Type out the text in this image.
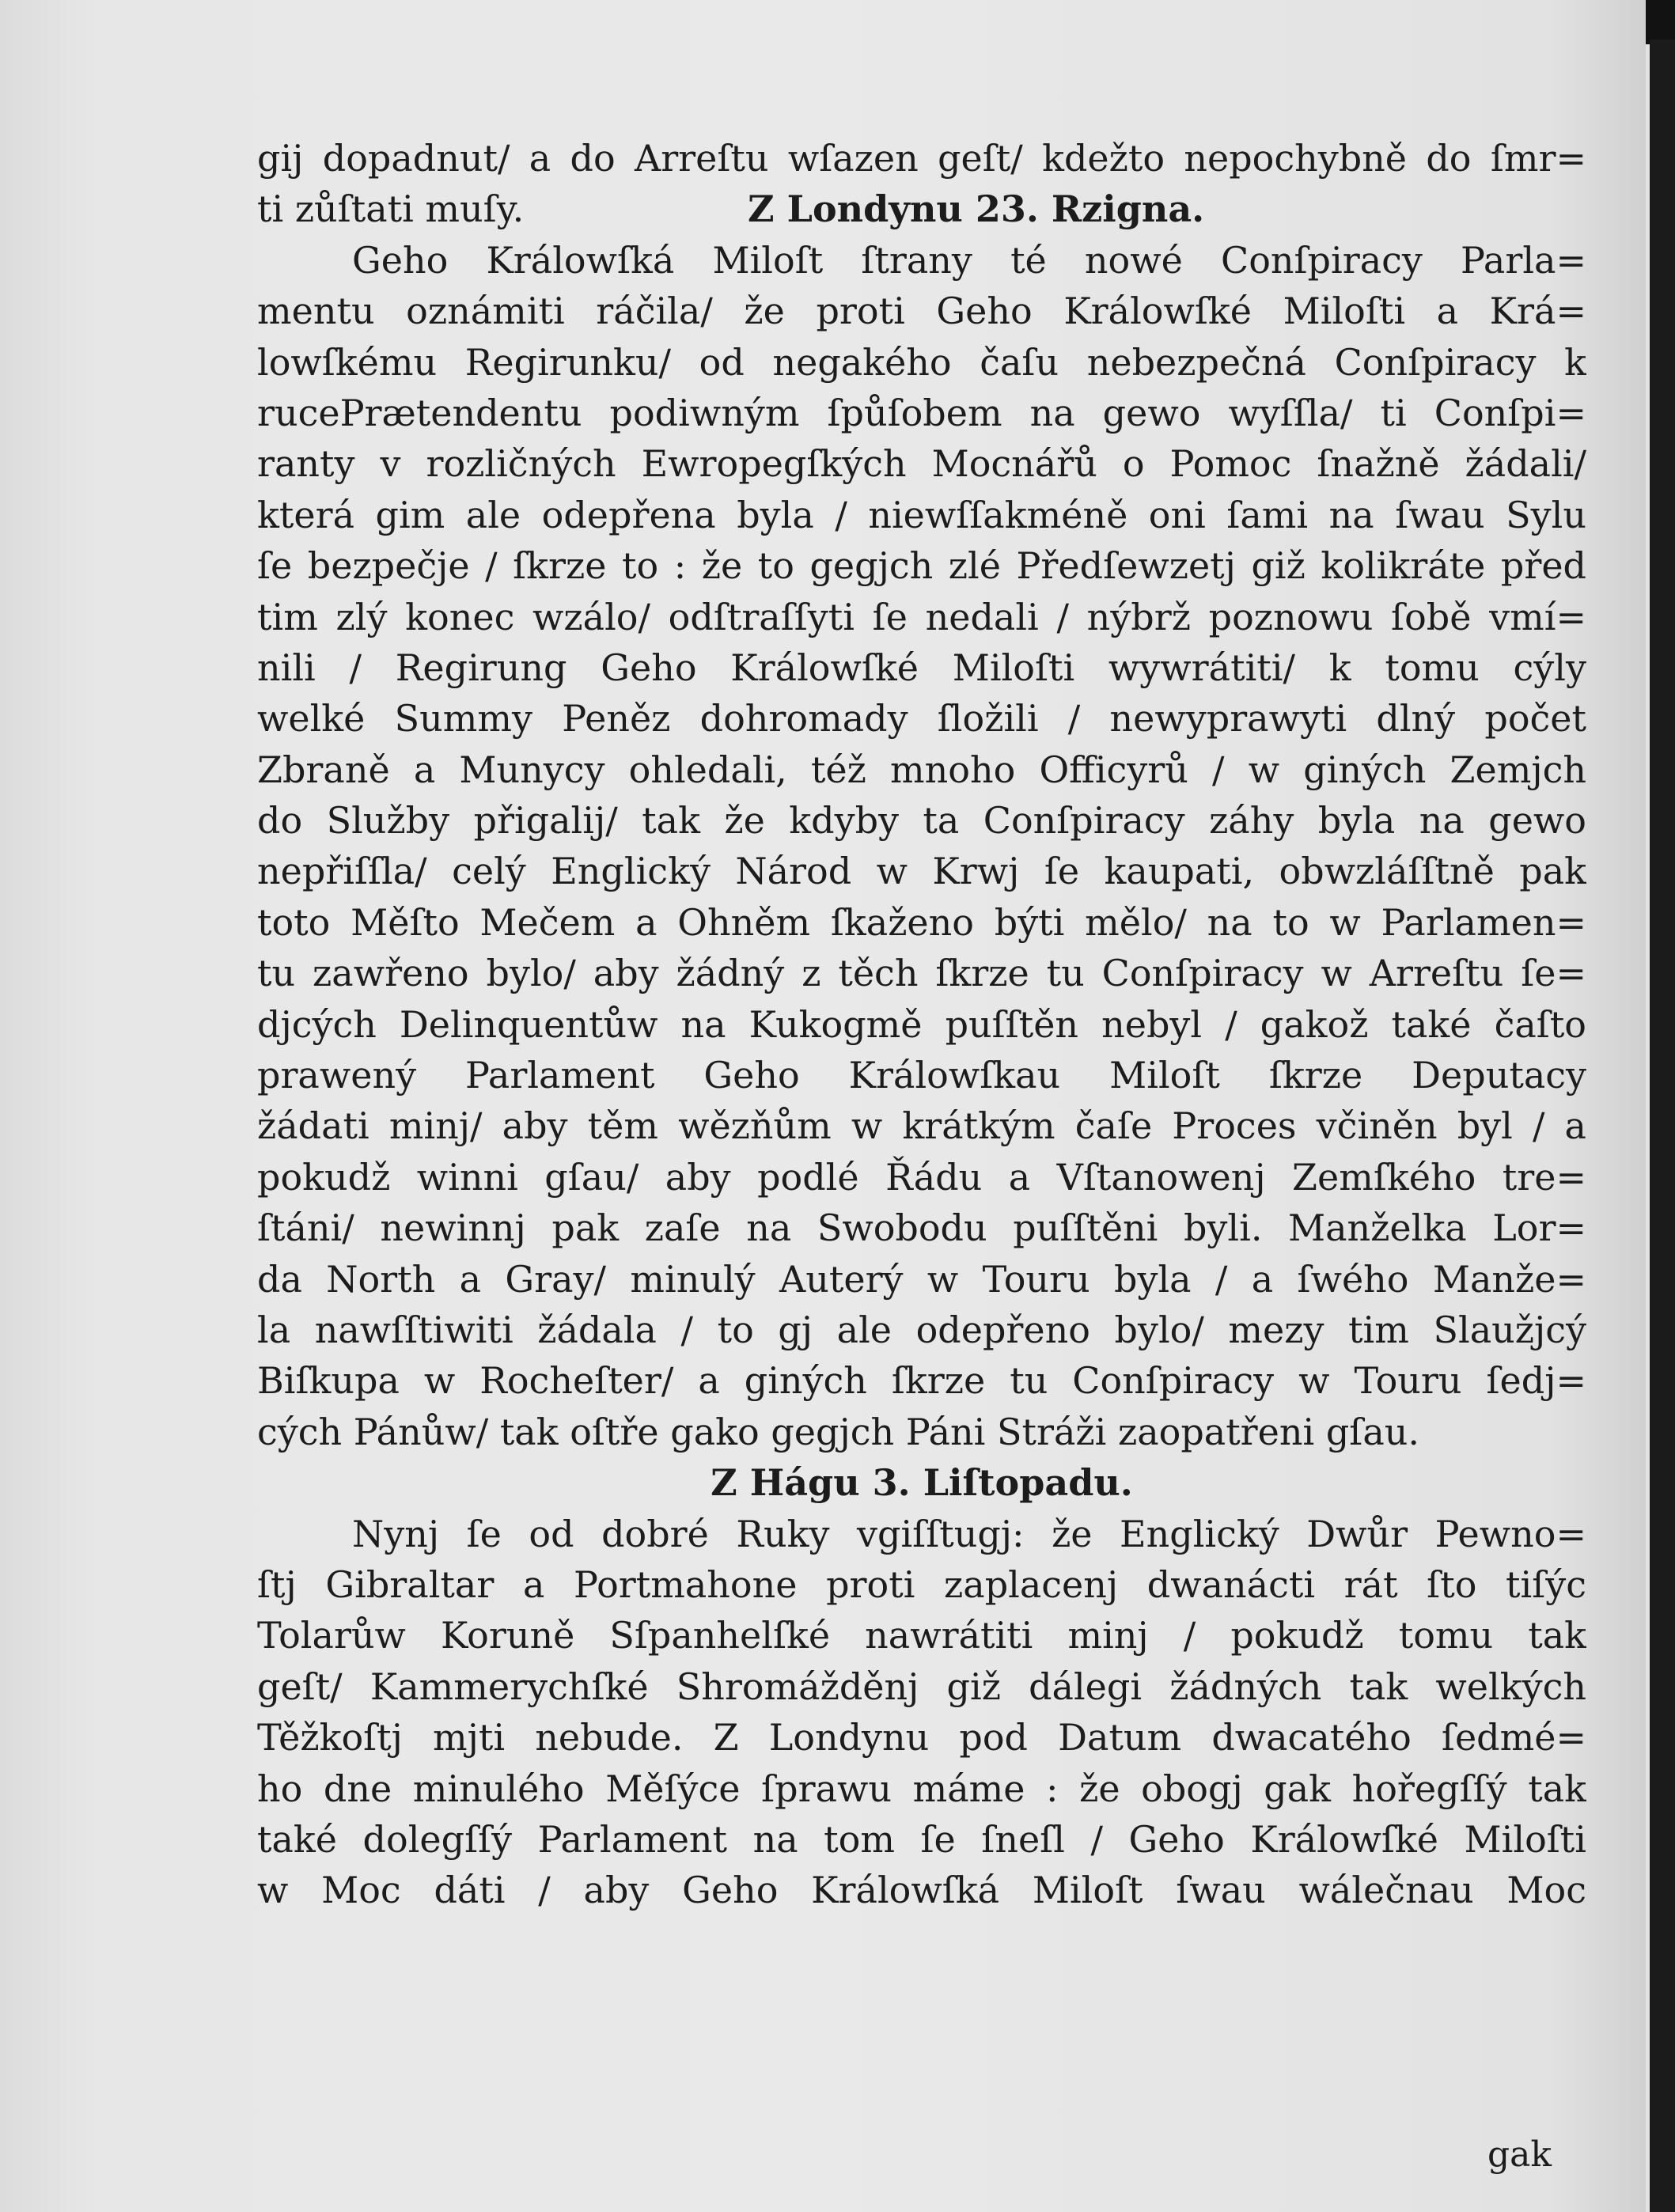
gij dopadnut/ a do Arreſtu wſazen geſt/ kdežto nepochybně do ſmr=
ti zůſtati muſy.	Z Londynu 23. Rzigna.
Geho Králowſká Miloſt ſtrany té nowé Conſpiracy Parla=
mentu oznámiti ráčila/ že proti Geho Králowſké Miloſti a Krá=
lowſkému Regirunku/ od negakého čaſu nebezpečná Conſpiracy k
rucePrætendentu podiwným ſpůſobem na gewo wyſſla/ ti Conſpi=
ranty v rozličných Ewropegſkých Mocnářů o Pomoc ſnažně žádali/
která gim ale odepřena byla / niewſſakméně oni ſami na ſwau Sylu
ſe bezpečje / ſkrze to : že to gegjch zlé Předſewzetj giž kolikráte před
tim zlý konec wzálo/ odſtraſſyti ſe nedali / nýbrž poznowu ſobě vmí=
nili / Regirung Geho Králowſké Miloſti wywrátiti/ k tomu cýly
welké Summy Peněz dohromady ſložili / newyprawyti dlný počet
Zbraně a Munycy ohledali, též mnoho Officyrů / w giných Zemjch
do Služby přigalij/ tak že kdyby ta Conſpiracy záhy byla na gewo
nepřiſſla/ celý Englický Národ w Krwj ſe kaupati, obwzláſſtně pak
toto Měſto Mečem a Ohněm ſkaženo býti mělo/ na to w Parlamen=
tu zawřeno bylo/ aby žádný z těch ſkrze tu Conſpiracy w Arreſtu ſe=
djcých Delinquentůw na Kukogmě puſſtěn nebyl / gakož také čaſto
prawený Parlament Geho Králowſkau Miloſt ſkrze Deputacy
žádati minj/ aby těm wězňům w krátkým čaſe Proces včiněn byl / a
pokudž winni gſau/ aby podlé Řádu a Vſtanowenj Zemſkého tre=
ſtáni/ newinnj pak zaſe na Swobodu puſſtěni byli. Manželka Lor=
da North a Gray/ minulý Auterý w Touru byla / a ſwého Manže=
la nawſſtiwiti žádala / to gj ale odepřeno bylo/ mezy tim Slaužjcý
Biſkupa w Rocheſter/ a giných ſkrze tu Conſpiracy w Touru ſedj=
cých Pánůw/ tak oſtře gako gegjch Páni Stráži zaopatřeni gſau.
Z Hágu 3. Liſtopadu.
Nynj ſe od dobré Ruky vgiſſtugj: že Englický Dwůr Pewno=
ſtj Gibraltar a Portmahone proti zaplacenj dwanácti rát ſto tiſýc
Tolarůw Koruně Sſpanhelſké nawrátiti minj / pokudž tomu tak
geſt/ Kammerychſké Shromážděnj giž dálegi žádných tak welkých
Těžkoſtj mjti nebude. Z Londynu pod Datum dwacatého ſedmé=
ho dne minulého Měſýce ſprawu máme : že obogj gak hořegſſý tak
také dolegſſý Parlament na tom ſe ſneſl / Geho Králowſké Miloſti
w Moc dáti / aby Geho Králowſká Miloſt ſwau wálečnau Moc
gak
